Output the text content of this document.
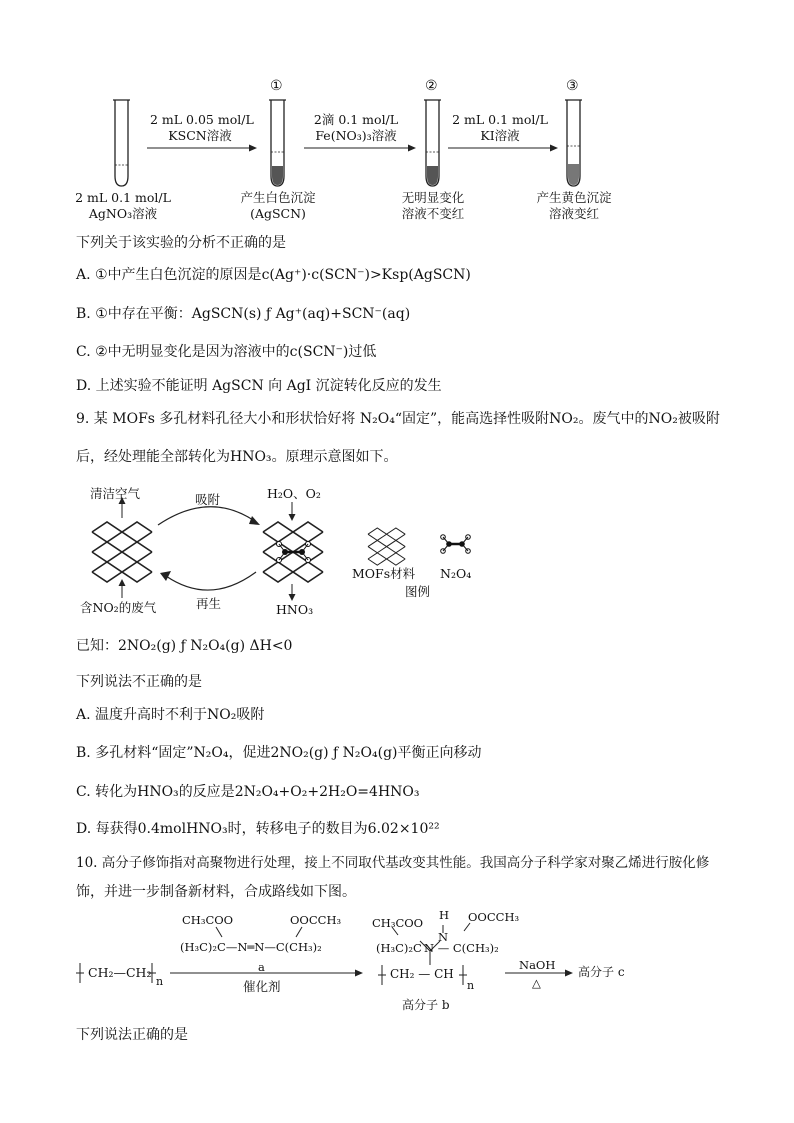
①	②	③
2 mL 0.05 mol/L
KSCN溶液
2滴 0.1 mol/L
Fe(NO₃)₃溶液
2 mL 0.1 mol/L
KI溶液
2 mL 0.1 mol/L
AgNO₃溶液
产生白色沉淀
(AgSCN)
无明显变化
溶液不变红
产生黄色沉淀
溶液变红
下列关于该实验的分析不正确的是
A. ①中产生白色沉淀的原因是c(Ag⁺)·c(SCN⁻)>Ksp(AgSCN)
B. ①中存在平衡：AgSCN(s) ƒ Ag⁺(aq)+SCN⁻(aq)
C. ②中无明显变化是因为溶液中的c(SCN⁻)过低
D. 上述实验不能证明 AgSCN 向 AgI 沉淀转化反应的发生
9. 某 MOFs 多孔材料孔径大小和形状恰好将 N₂O₄“固定”，能高选择性吸附NO₂。废气中的NO₂被吸附
后，经处理能全部转化为HNO₃。原理示意图如下。
清洁空气	吸附	H₂O、O₂
含NO₂的废气	再生	HNO₃
MOFs材料 N₂O₄
图例
已知：2NO₂(g) ƒ N₂O₄(g) ΔH<0
下列说法不正确的是
A. 温度升高时不利于NO₂吸附
B. 多孔材料“固定”N₂O₄，促进2NO₂(g) ƒ N₂O₄(g)平衡正向移动
C. 转化为HNO₃的反应是2N₂O₄+O₂+2H₂O=4HNO₃
D. 每获得0.4molHNO₃时，转移电子的数目为6.02×10²²
10. 高分子修饰指对高聚物进行处理，接上不同取代基改变其性能。我国高分子科学家对聚乙烯进行胺化修
饰，并进一步制备新材料，合成路线如下图。
CH₂—CH₂
n
CH₃COO	OOCCH₃
(H₃C)₂C—N═N—C(CH₃)₂
a
催化剂
CH₃COO
H OOCCH₃
N
(H₃C)₂C N — C(CH₃)₂
CH₂ — CH
n
高分子 b
NaOH
△
高分子 c
下列说法正确的是
